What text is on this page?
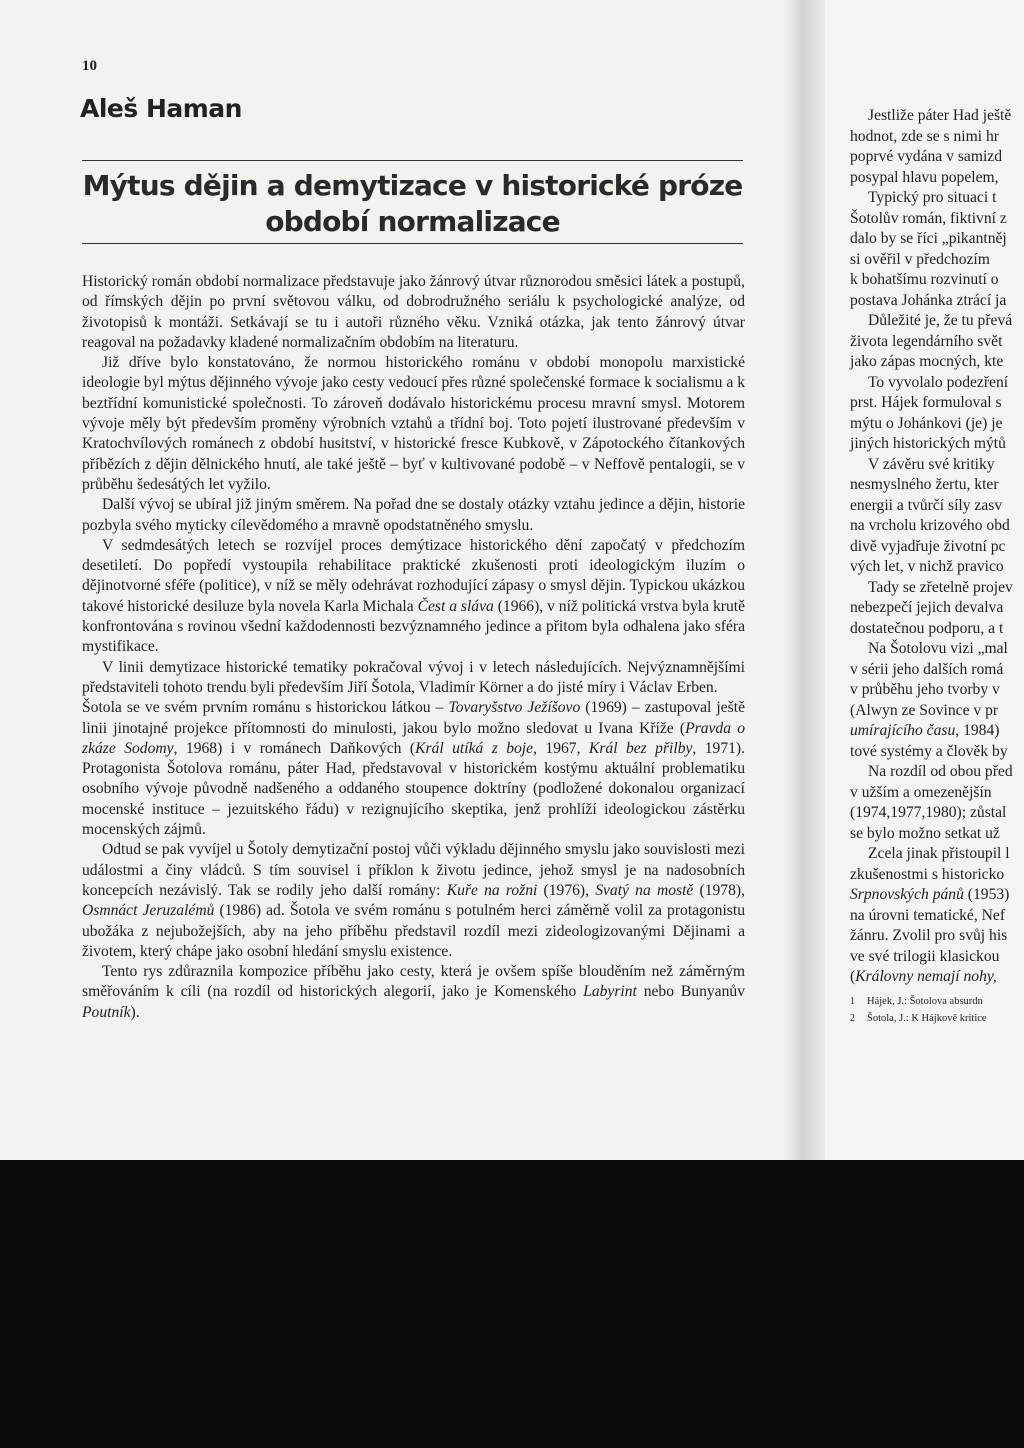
10
Aleš Haman
Mýtus dějin a demytizace v historické próze období normalizace

Historický román období normalizace představuje jako žánrový útvar různorodou směsici látek a postupů, od římských dějin po první světovou válku, od dobrodružného seriálu k psychologické analýze, od životopisů k montáži. Setkávají se tu i autoři různého věku. Vzniká otázka, jak tento žánrový útvar reagoval na požadavky kladené normalizačním obdobím na literaturu.

Již dříve bylo konstatováno, že normou historického románu v období monopolu marxistické ideologie byl mýtus dějinného vývoje jako cesty vedoucí přes různé společenské formace k socialismu a k beztřídní komunistické společnosti. To zároveň dodávalo historickému procesu mravní smysl. Motorem vývoje měly být především proměny výrobních vztahů a třídní boj. Toto pojetí ilustrované především v Kratochvílových románech z období husitství, v historické fresce Kubkově, v Zápotockého čítankových příbězích z dějin dělnického hnutí, ale také ještě – byť v kultivované podobě – v Neffově pentalogii, se v průběhu šedesátých let vyžilo.

Další vývoj se ubíral již jiným směrem. Na pořad dne se dostaly otázky vztahu jedince a dějin, historie pozbyla svého myticky cílevědomého a mravně opodstatněného smyslu.

V sedmdesátých letech se rozvíjel proces demýtizace historického dění započatý v předchozím desetiletí. Do popředí vystoupila rehabilitace praktické zkušenosti proti ideologickým iluzím o dějinotvorné sféře (politice), v níž se měly odehrávat rozhodující zápasy o smysl dějin. Typickou ukázkou takové historické desiluze byla novela Karla Michala Čest a sláva (1966), v níž politická vrstva byla krutě konfrontována s rovinou všední každodennosti bezvýznamného jedince a přitom byla odhalena jako sféra mystifikace.

V linii demytizace historické tematiky pokračoval vývoj i v letech následujících. Nejvýznamnějšími představiteli tohoto trendu byli především Jiří Šotola, Vladimír Körner a do jisté míry i Václav Erben.

Šotola se ve svém prvním románu s historickou látkou – Tovaryšstvo Ježíšovo (1969) – zastupoval ještě linii jinotajné projekce přítomnosti do minulosti, jakou bylo možno sledovat u Ivana Kříže (Pravda o zkáze Sodomy, 1968) i v románech Daňkových (Král utíká z boje, 1967, Král bez přilby, 1971). Protagonista Šotolova románu, páter Had, představoval v historickém kostýmu aktuální problematiku osobního vývoje původně nadšeného a oddaného stoupence doktríny (podložené dokonalou organizací mocenské instituce – jezuitského řádu) v rezignujícího skeptika, jenž prohlíží ideologickou zástěrku mocenských zájmů.

Odtud se pak vyvíjel u Šotoly demytizační postoj vůči výkladu dějinného smyslu jako souvislosti mezi událostmi a činy vládců. S tím souvisel i příklon k životu jedince, jehož smysl je na nadosobních koncepcích nezávislý. Tak se rodily jeho další romány: Kuře na rožni (1976), Svatý na mostě (1978), Osmnáct Jeruzalémů (1986) ad. Šotola ve svém románu s potulném herci záměrně volil za protagonistu ubožáka z nejubožejších, aby na jeho příběhu představil rozdíl mezi zideologizovanými Dějinami a životem, který chápe jako osobní hledání smyslu existence.

Tento rys zdůraznila kompozice příběhu jako cesty, která je ovšem spíše blouděním než záměrným směřováním k cíli (na rozdíl od historických alegorií, jako je Komenského Labyrint nebo Bunyanův Poutník).

Jestliže páter Had ještě
hodnot, zde se s nimi hr
poprvé vydána v samizd
posypal hlavu popelem,
Typický pro situaci t
Šotolův román, fiktivní z
dalo by se říci „pikantněj
si ověřil v předchozím
k bohatšímu rozvinutí o
postava Johánka ztrácí ja
Důležité je, že tu převá
života legendárního svět
jako zápas mocných, kte
To vyvolalo podezření
prst. Hájek formuloval s
mýtu o Johánkovi (je) je
jiných historických mýtů
V závěru své kritiky
nesmyslného žertu, kter
energii a tvůrčí síly zasv
na vrcholu krizového obd
divě vyjadřuje životní pc
vých let, v nichž pravico
Tady se zřetelně projev
nebezpečí jejich devalva
dostatečnou podporu, a t
Na Šotolovu vizi „mal
v sérii jeho dalších romá
v průběhu jeho tvorby v
(Alwyn ze Sovince v pr
umírajícího času, 1984)
tové systémy a člověk by
Na rozdíl od obou před
v užším a omezenějšín
(1974,1977,1980); zůstal
se bylo možno setkat už
Zcela jinak přistoupil l
zkušenostmi s historicko
Srpnovských pánů (1953)
na úrovni tematické, Nef
žánru. Zvolil pro svůj his
ve své trilogii klasickou
(Královny nemají nohy,
1 Hájek, J.: Šotolova absurdn
2 Šotola, J.: K Hájkově kritice
